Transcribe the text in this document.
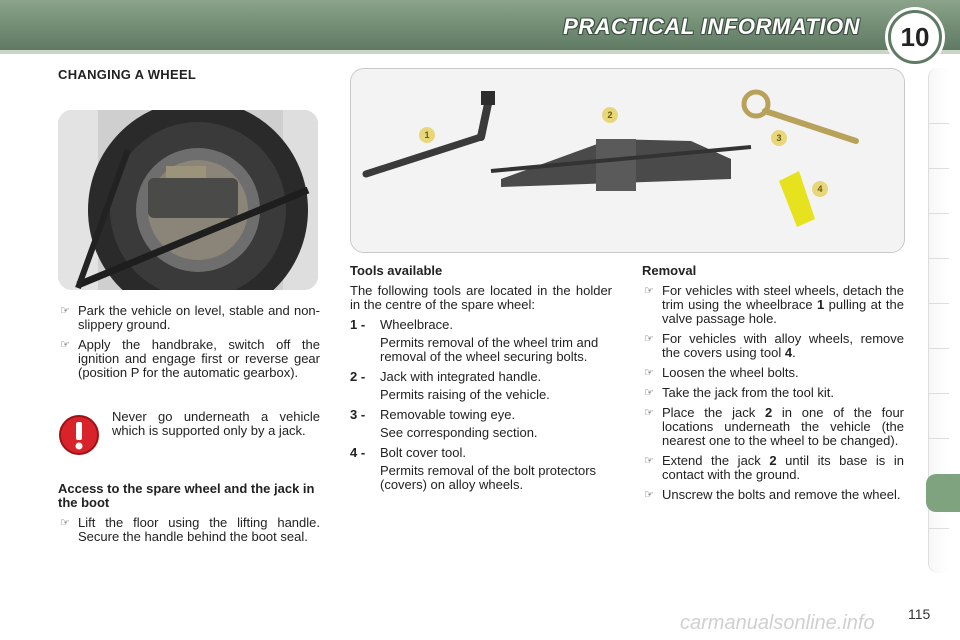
PRACTICAL INFORMATION	10
CHANGING A WHEEL
1
2
3
4
☞ Park the vehicle on level, stable and non-slippery ground.
☞ Apply the handbrake, switch off the ignition and engage first or reverse gear (position P for the automatic gearbox).
Never go underneath a vehicle which is supported only by a jack.

Access to the spare wheel and the jack in the boot

☞ Lift the floor using the lifting handle. Secure the handle behind the boot seal.

Tools available

The following tools are located in the holder in the centre of the spare wheel:

1 -	Wheelbrace.
Permits removal of the wheel trim and removal of the wheel securing bolts.
2 -	Jack with integrated handle.
Permits raising of the vehicle.
3 -	Removable towing eye.
See corresponding section.
4 -	Bolt cover tool.
Permits removal of the bolt protectors (covers) on alloy wheels.

Removal

☞ For vehicles with steel wheels, detach the trim using the wheelbrace 1 pulling at the valve passage hole.
☞ For vehicles with alloy wheels, remove the covers using tool 4.
☞ Loosen the wheel bolts.
☞ Take the jack from the tool kit.
☞ Place the jack 2 in one of the four locations underneath the vehicle (the nearest one to the wheel to be changed).
☞ Extend the jack 2 until its base is in contact with the ground.
☞ Unscrew the bolts and remove the wheel.
115
carmanualsonline.info
